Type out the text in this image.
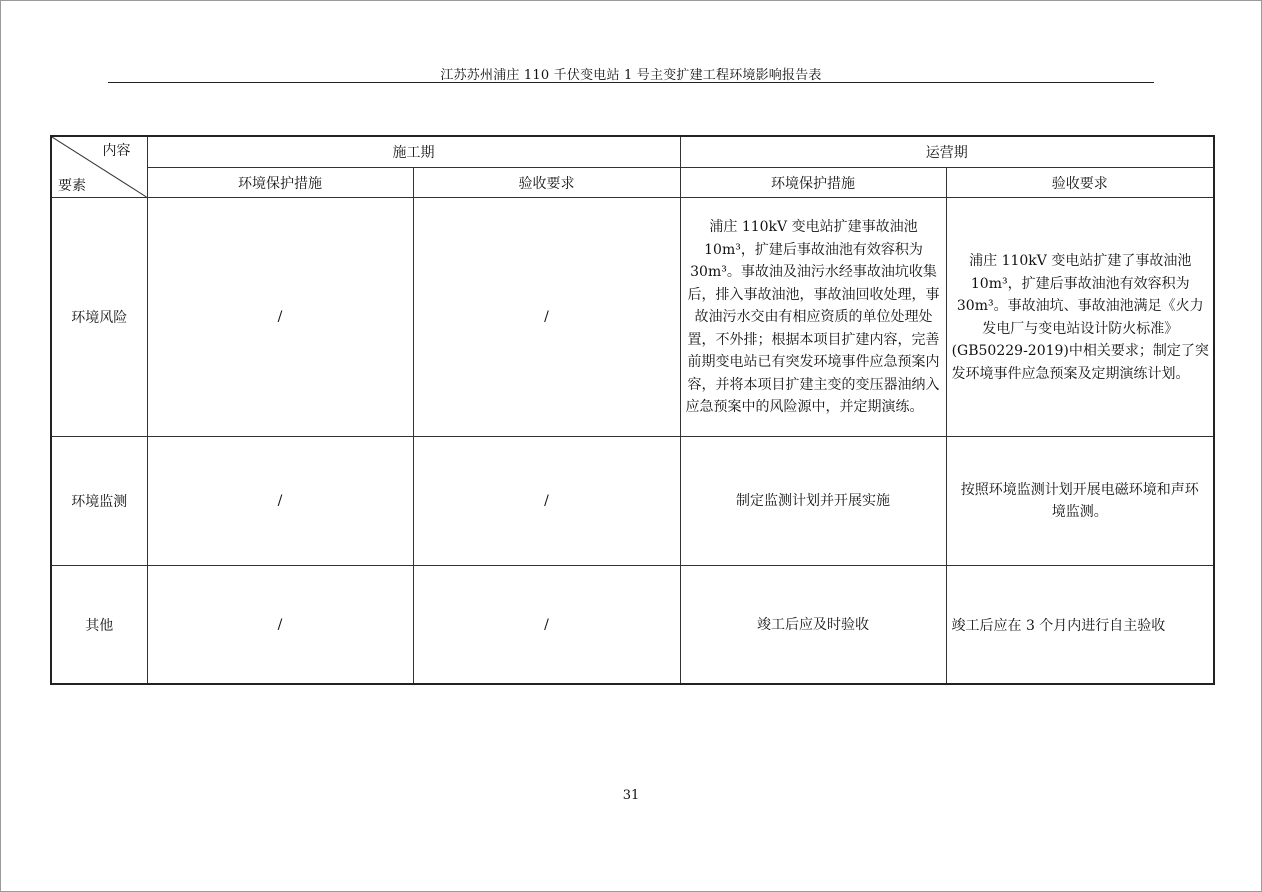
江苏苏州浦庄 110 千伏变电站 1 号主变扩建工程环境影响报告表
内容
要素	施工期		运营期	
	环境保护措施	验收要求	环境保护措施	验收要求
环境风险	/	/	浦庄 110kV 变电站扩建事故油池 10m³，扩建后事故油池有效容积为 30m³。事故油及油污水经事故油坑收集后，排入事故油池，事故油回收处理，事故油污水交由有相应资质的单位处理处置，不外排；根据本项目扩建内容，完善前期变电站已有突发环境事件应急预案内容，并将本项目扩建主变的变压器油纳入应急预案中的风险源中，并定期演练。	浦庄 110kV 变电站扩建了事故油池 10m³，扩建后事故油池有效容积为 30m³。事故油坑、事故油池满足《火力发电厂与变电站设计防火标准》(GB50229-2019)中相关要求；制定了突发环境事件应急预案及定期演练计划。
环境监测	/	/	制定监测计划并开展实施	按照环境监测计划开展电磁环境和声环境监测。
其他	/	/	竣工后应及时验收	竣工后应在 3 个月内进行自主验收
31
